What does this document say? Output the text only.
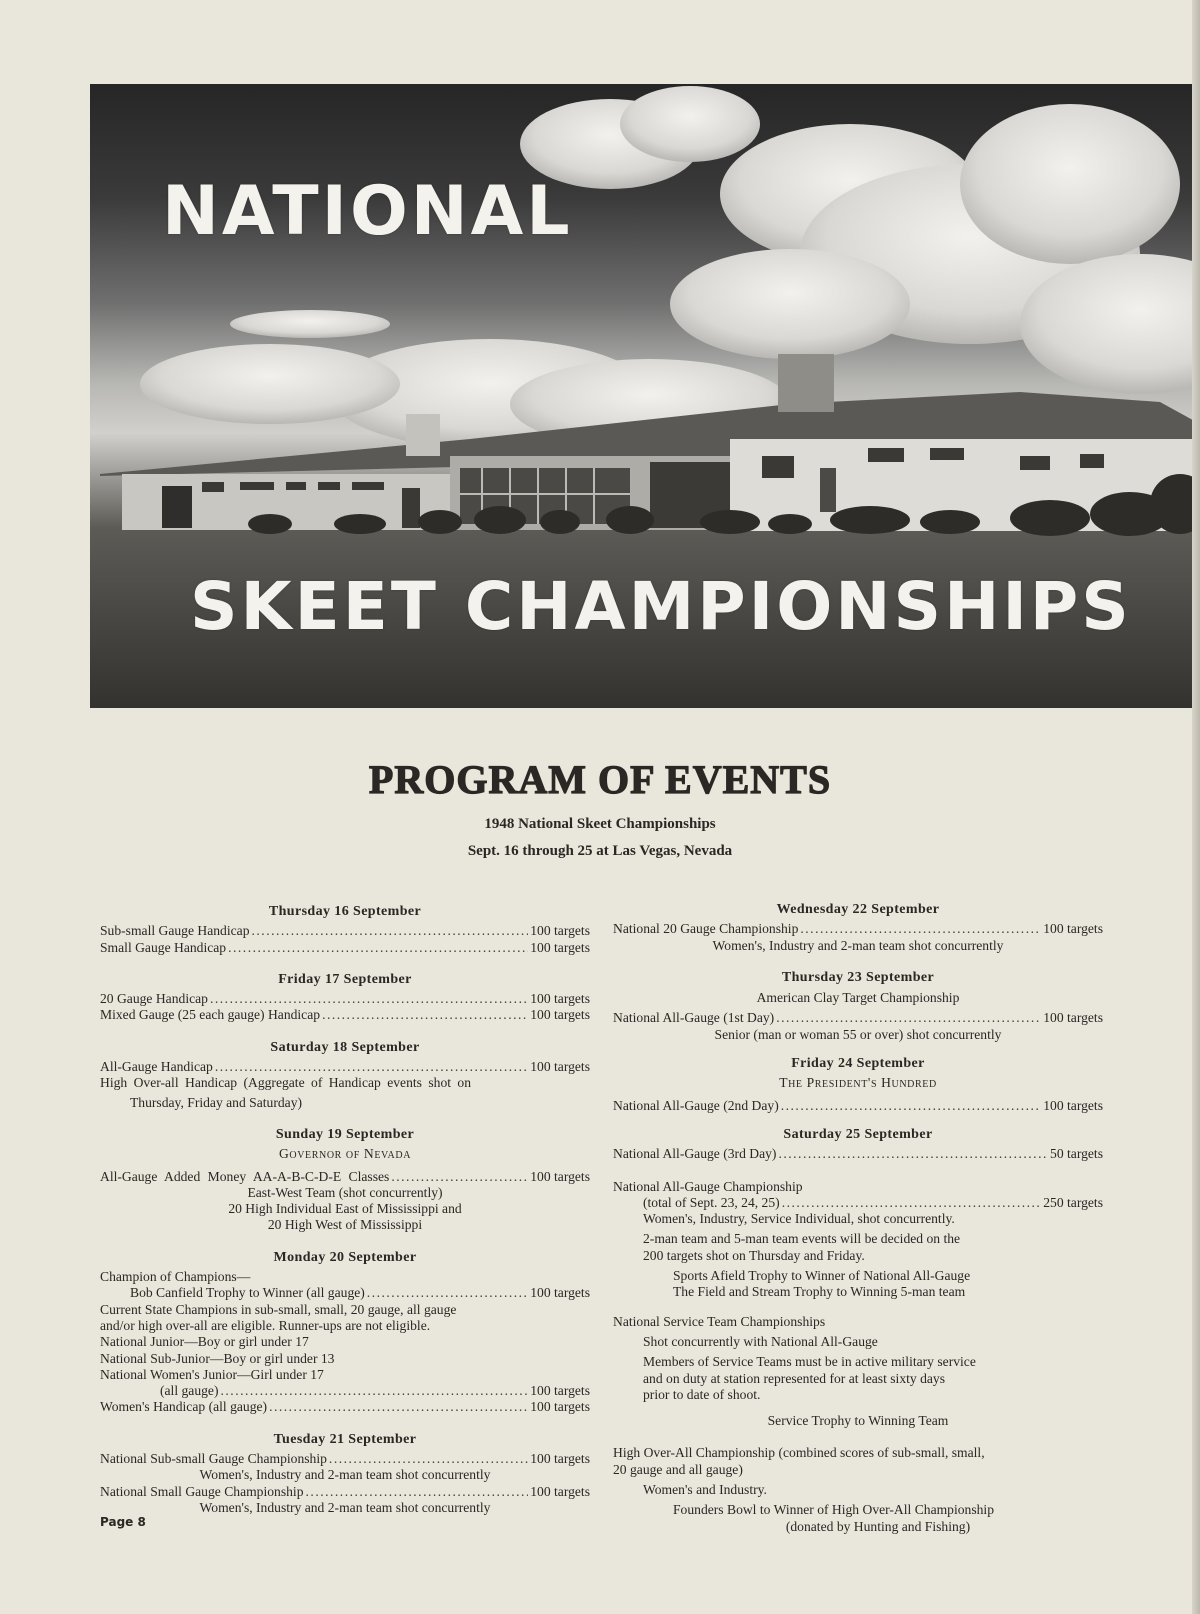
NATIONAL
SKEET CHAMPIONSHIPS
PROGRAM OF EVENTS

1948 National Skeet Championships

Sept. 16 through 25 at Las Vegas, Nevada

Thursday 16 September

Sub-small Gauge Handicap .....	100 targets
Small Gauge Handicap .....	100 targets

Friday 17 September

20 Gauge Handicap .....	100 targets
Mixed Gauge (25 each gauge) Handicap .....	100 targets

Saturday 18 September

All-Gauge Handicap .....	100 targets

High Over-all Handicap (Aggregate of Handicap events shot on

Thursday, Friday and Saturday)

Sunday 19 September

Governor of Nevada

All-Gauge Added Money AA-A-B-C-D-E Classes .....	100 targets

East-West Team (shot concurrently)

20 High Individual East of Mississippi and

20 High West of Mississippi

Monday 20 September

Champion of Champions—

Bob Canfield Trophy to Winner (all gauge) .....	100 targets

Current State Champions in sub-small, small, 20 gauge, all gauge

and/or high over-all are eligible. Runner-ups are not eligible.

National Junior—Boy or girl under 17

National Sub-Junior—Boy or girl under 13

National Women's Junior—Girl under 17

(all gauge) .....	100 targets
Women's Handicap (all gauge) .....	100 targets

Tuesday 21 September

National Sub-small Gauge Championship .....	100 targets

Women's, Industry and 2-man team shot concurrently

National Small Gauge Championship .....	100 targets

Women's, Industry and 2-man team shot concurrently

Wednesday 22 September

National 20 Gauge Championship .....	100 targets

Women's, Industry and 2-man team shot concurrently

Thursday 23 September

American Clay Target Championship

National All-Gauge (1st Day) .....	100 targets

Senior (man or woman 55 or over) shot concurrently

Friday 24 September

The President's Hundred

National All-Gauge (2nd Day) .....	100 targets

Saturday 25 September

National All-Gauge (3rd Day) .....	50 targets

National All-Gauge Championship

(total of Sept. 23, 24, 25) .....	250 targets

Women's, Industry, Service Individual, shot concurrently.

2-man team and 5-man team events will be decided on the

200 targets shot on Thursday and Friday.

Sports Afield Trophy to Winner of National All-Gauge

The Field and Stream Trophy to Winning 5-man team

National Service Team Championships

Shot concurrently with National All-Gauge

Members of Service Teams must be in active military service

and on duty at station represented for at least sixty days

prior to date of shoot.

Service Trophy to Winning Team

High Over-All Championship (combined scores of sub-small, small,

20 gauge and all gauge)

Women's and Industry.

Founders Bowl to Winner of High Over-All Championship

(donated by Hunting and Fishing)

Page 8
